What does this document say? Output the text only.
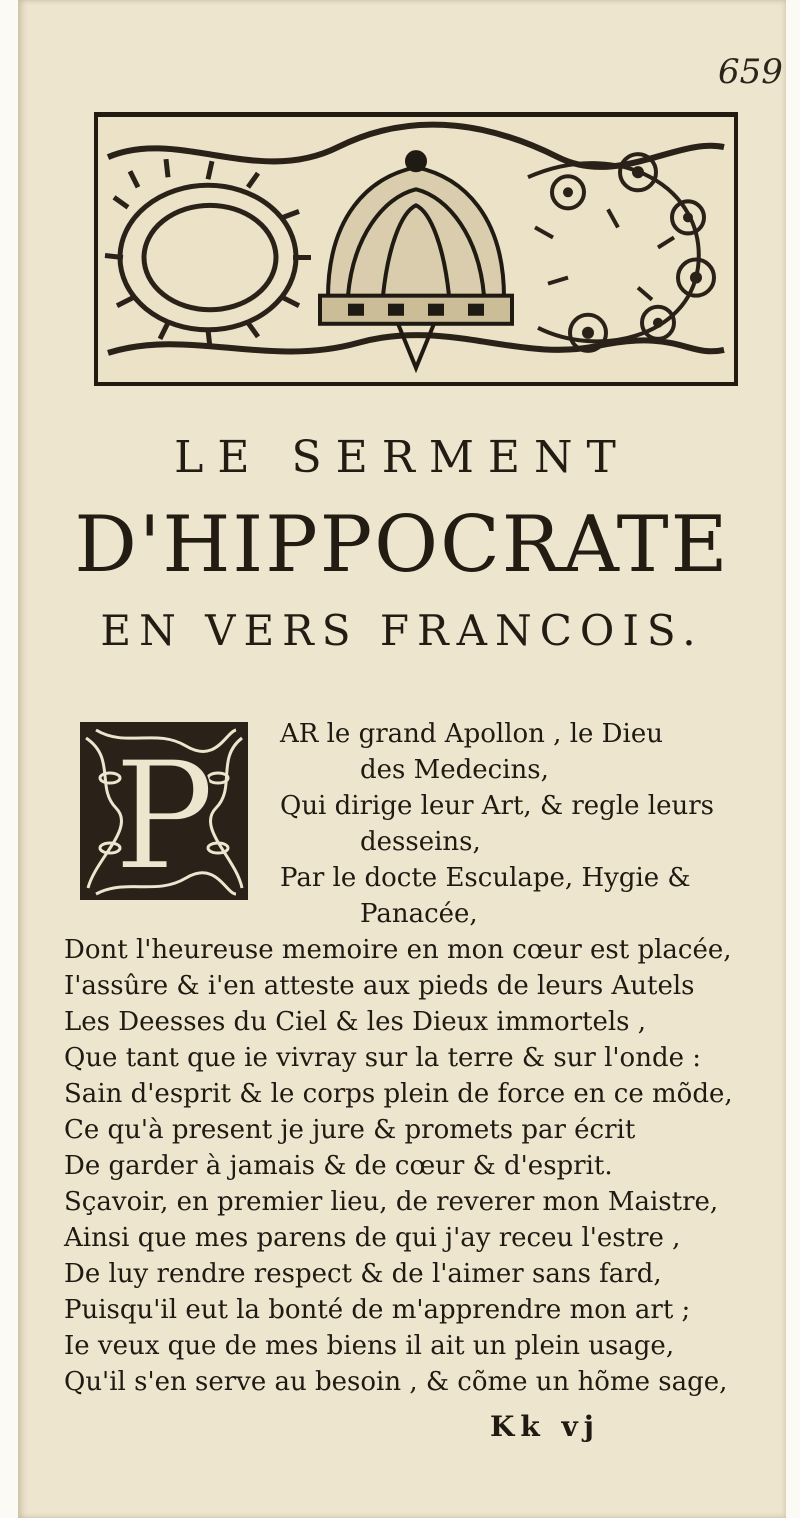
659
LE SERMENT
D'HIPPOCRATE
EN VERS FRANCOIS.
P	AR le grand Apollon , le Dieu
des Medecins,
Qui dirige leur Art, & regle leurs
desseins,
Par le docte Esculape, Hygie &
Panacée,
Dont l'heureuse memoire en mon cœur est placée,
I'assûre & i'en atteste aux pieds de leurs Autels
Les Deesses du Ciel & les Dieux immortels ,
Que tant que ie vivray sur la terre & sur l'onde :
Sain d'esprit & le corps plein de force en ce mõde,
Ce qu'à present je jure & promets par écrit
De garder à jamais & de cœur & d'esprit.
Sçavoir, en premier lieu, de reverer mon Maistre,
Ainsi que mes parens de qui j'ay receu l'estre ,
De luy rendre respect & de l'aimer sans fard,
Puisqu'il eut la bonté de m'apprendre mon art ;
Ie veux que de mes biens il ait un plein usage,
Qu'il s'en serve au besoin , & cõme un hõme sage,
Kk vj
